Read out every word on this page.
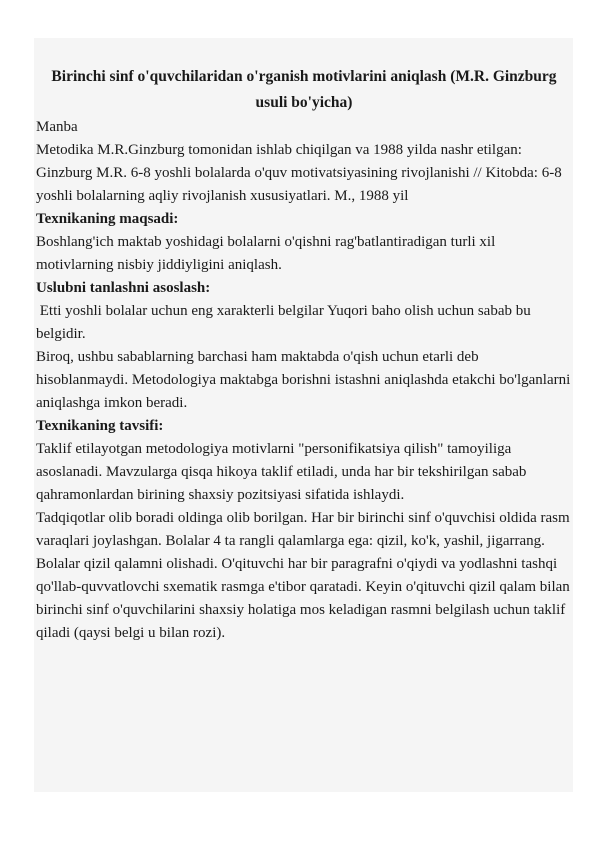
Birinchi sinf o'quvchilaridan o'rganish motivlarini aniqlash (M.R. Ginzburg usuli bo'yicha)

Manba

Metodika M.R.Ginzburg tomonidan ishlab chiqilgan va 1988 yilda nashr etilgan: Ginzburg M.R. 6-8 yoshli bolalarda o'quv motivatsiyasining rivojlanishi // Kitobda: 6-8 yoshli bolalarning aqliy rivojlanish xususiyatlari. M., 1988 yil

Texnikaning maqsadi:

Boshlang'ich maktab yoshidagi bolalarni o'qishni rag'batlantiradigan turli xil motivlarning nisbiy jiddiyligini aniqlash.

Uslubni tanlashni asoslash:

Etti yoshli bolalar uchun eng xarakterli belgilar Yuqori baho olish uchun sabab bu belgidir.

Biroq, ushbu sabablarning barchasi ham maktabda o'qish uchun etarli deb hisoblanmaydi. Metodologiya maktabga borishni istashni aniqlashda etakchi bo'lganlarni aniqlashga imkon beradi.

Texnikaning tavsifi:

Taklif etilayotgan metodologiya motivlarni "personifikatsiya qilish" tamoyiliga asoslanadi. Mavzularga qisqa hikoya taklif etiladi, unda har bir tekshirilgan sabab qahramonlardan birining shaxsiy pozitsiyasi sifatida ishlaydi.

Tadqiqotlar olib boradi oldinga olib borilgan. Har bir birinchi sinf o'quvchisi oldida rasm varaqlari joylashgan. Bolalar 4 ta rangli qalamlarga ega: qizil, ko'k, yashil, jigarrang. Bolalar qizil qalamni olishadi. O'qituvchi har bir paragrafni o'qiydi va yodlashni tashqi qo'llab-quvvatlovchi sxematik rasmga e'tibor qaratadi. Keyin o'qituvchi qizil qalam bilan birinchi sinf o'quvchilarini shaxsiy holatiga mos keladigan rasmni belgilash uchun taklif qiladi (qaysi belgi u bilan rozi).
